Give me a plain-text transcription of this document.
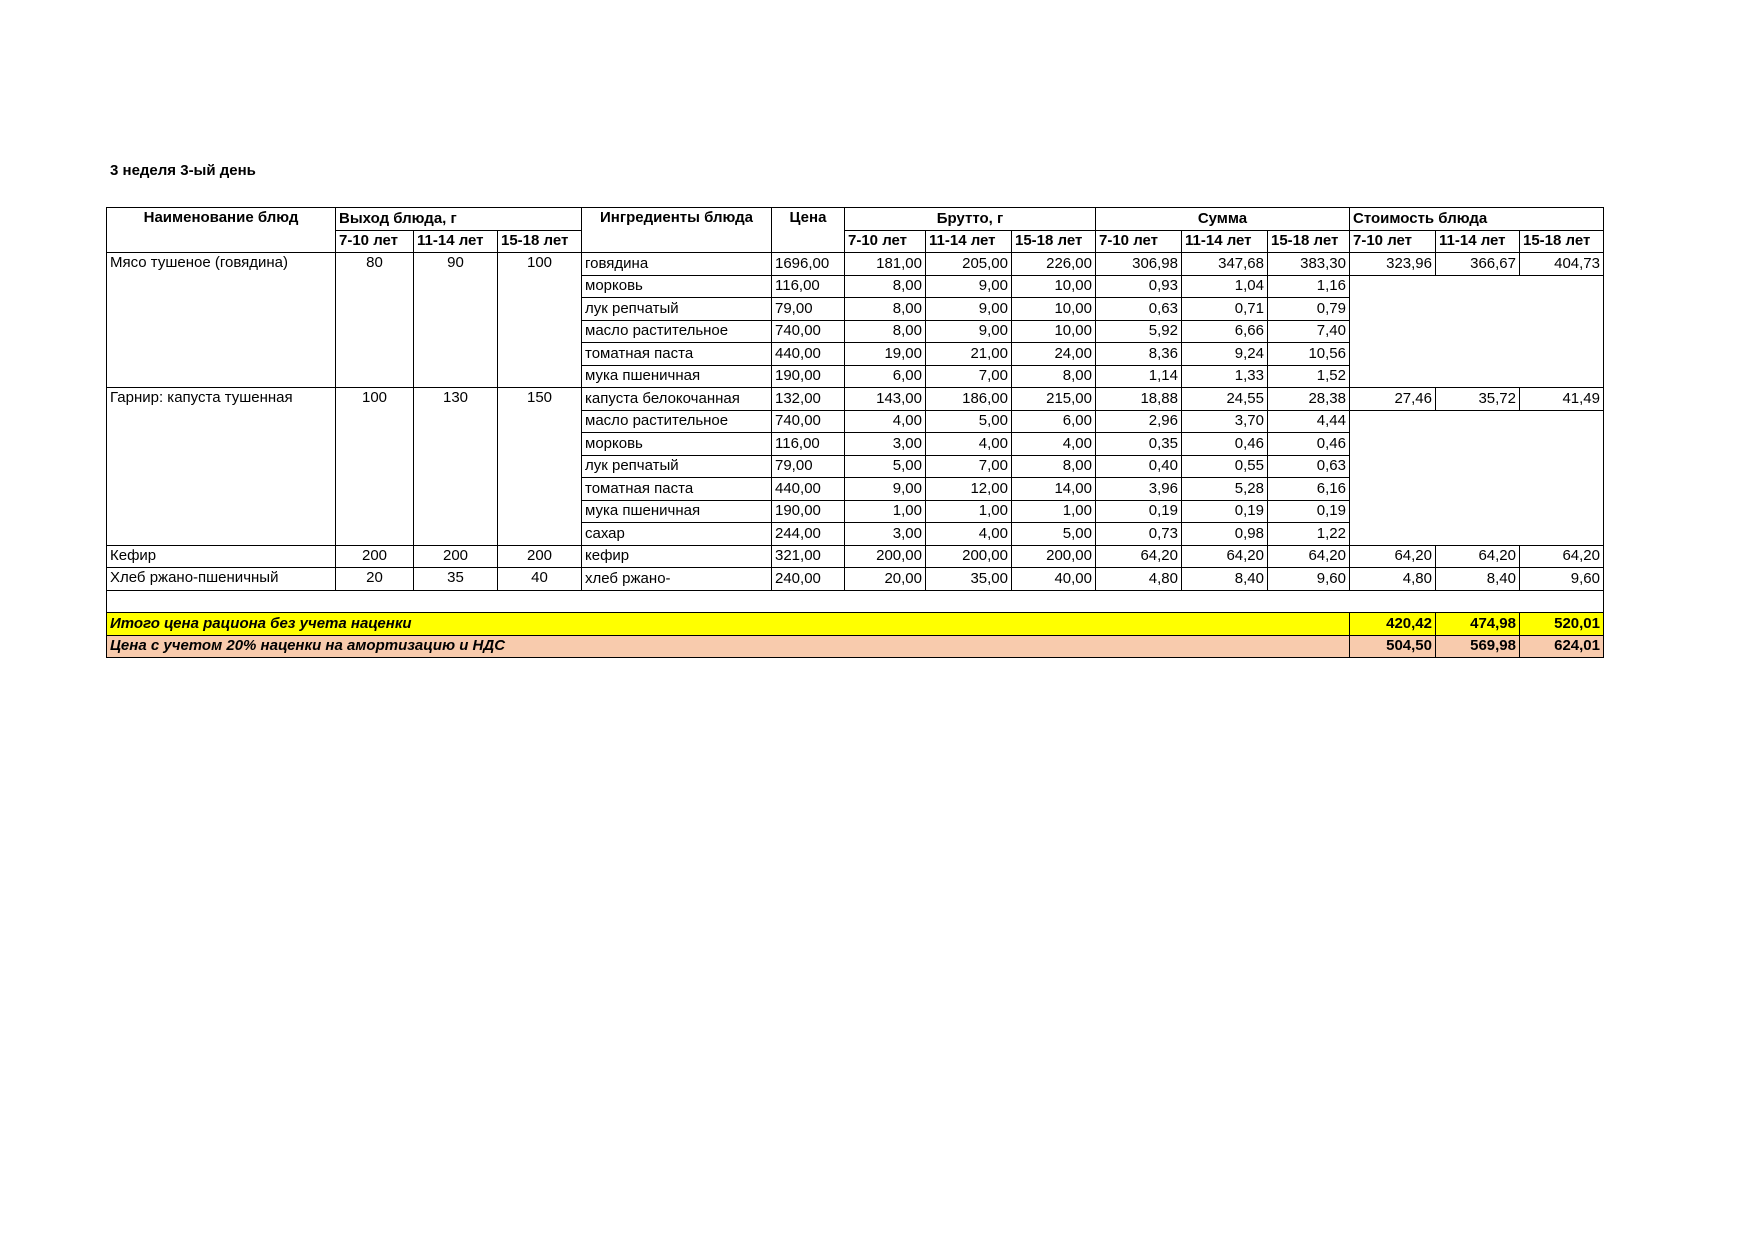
3 неделя 3-ый день
Наименование блюд	Выход блюда, г			Ингредиенты блюда	Цена	Брутто, г			Сумма			Стоимость блюда		
	7-10 лет	11-14 лет	15-18 лет			7-10 лет	11-14 лет	15-18 лет	7-10 лет	11-14 лет	15-18 лет	7-10 лет	11-14 лет	15-18 лет
Мясо тушеное (говядина)	80	90	100	говядина	1696,00	181,00	205,00	226,00	306,98	347,68	383,30	323,96	366,67	404,73
				морковь	116,00	8,00	9,00	10,00	0,93	1,04	1,16			
				лук репчатый	79,00	8,00	9,00	10,00	0,63	0,71	0,79			
				масло растительное	740,00	8,00	9,00	10,00	5,92	6,66	7,40			
				томатная паста	440,00	19,00	21,00	24,00	8,36	9,24	10,56			
				мука пшеничная	190,00	6,00	7,00	8,00	1,14	1,33	1,52			
Гарнир: капуста тушенная	100	130	150	капуста белокочанная	132,00	143,00	186,00	215,00	18,88	24,55	28,38	27,46	35,72	41,49
				масло растительное	740,00	4,00	5,00	6,00	2,96	3,70	4,44			
				морковь	116,00	3,00	4,00	4,00	0,35	0,46	0,46			
				лук репчатый	79,00	5,00	7,00	8,00	0,40	0,55	0,63			
				томатная паста	440,00	9,00	12,00	14,00	3,96	5,28	6,16			
				мука пшеничная	190,00	1,00	1,00	1,00	0,19	0,19	0,19			
				сахар	244,00	3,00	4,00	5,00	0,73	0,98	1,22			
Кефир	200	200	200	кефир	321,00	200,00	200,00	200,00	64,20	64,20	64,20	64,20	64,20	64,20
Хлеб ржано-пшеничный	20	35	40	хлеб ржано-	240,00	20,00	35,00	40,00	4,80	8,40	9,60	4,80	8,40	9,60

Итого цена рациона без учета наценки												420,42	474,98	520,01
Цена с учетом 20% наценки на амортизацию и НДС												504,50	569,98	624,01
